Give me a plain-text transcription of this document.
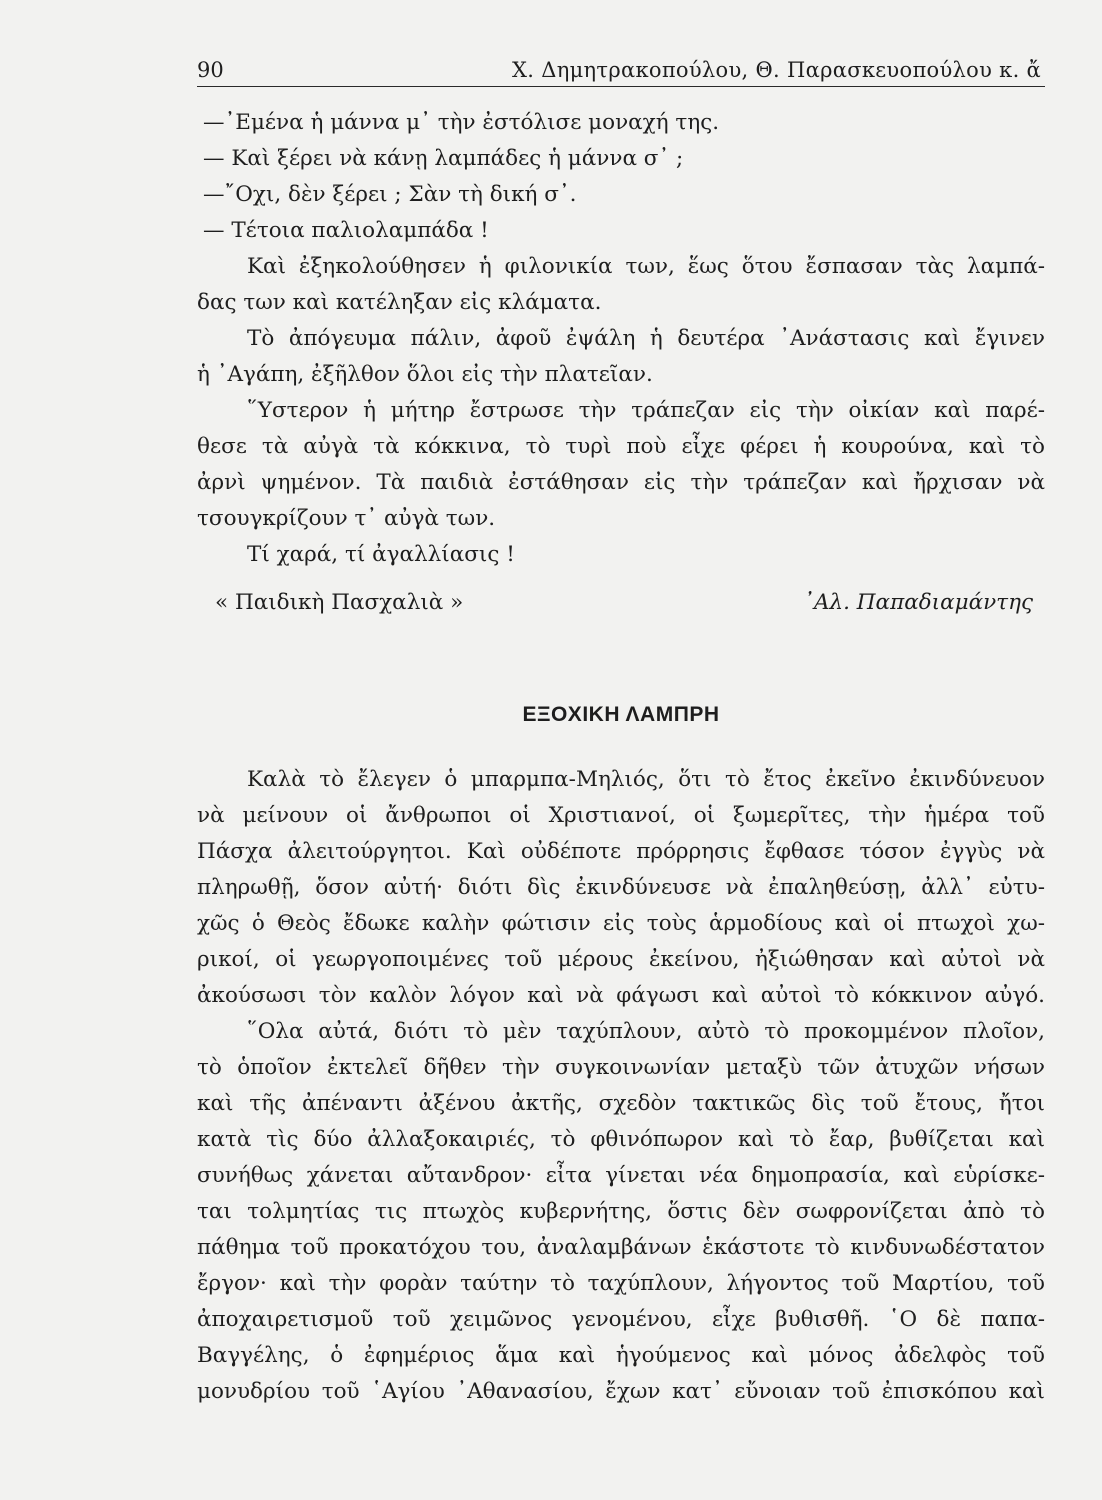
90	Χ. Δημητρακοπούλου, Θ. Παρασκευοπούλου κ. ἄ
—᾿Εμένα ἡ μάννα μ᾿ τὴν ἐστόλισε μοναχή της.
— Καὶ ξέρει νὰ κάνῃ λαμπάδες ἡ μάννα σ᾿ ;
—῎Οχι, δὲν ξέρει ; Σὰν τὴ δική σ᾿.
— Τέτοια παλιολαμπάδα !
Καὶ ἐξηκολούθησεν ἡ φιλονικία των, ἕως ὅτου ἔσπασαν τὰς λαμπά-
δας των καὶ κατέληξαν εἰς κλάματα.
Τὸ ἀπόγευμα πάλιν, ἀφοῦ ἐψάλη ἡ δευτέρα ᾿Ανάστασις καὶ ἔγινεν
ἡ ᾿Αγάπη, ἐξῆλθον ὅλοι εἰς τὴν πλατεῖαν.
῞Υστερον ἡ μήτηρ ἔστρωσε τὴν τράπεζαν εἰς τὴν οἰκίαν καὶ παρέ-
θεσε τὰ αὐγὰ τὰ κόκκινα, τὸ τυρὶ ποὺ εἶχε φέρει ἡ κουρούνα, καὶ τὸ
ἀρνὶ ψημένον. Τὰ παιδιὰ ἐστάθησαν εἰς τὴν τράπεζαν καὶ ἤρχισαν νὰ
τσουγκρίζουν τ᾿ αὐγὰ των.
Τί χαρά, τί ἀγαλλίασις !
« Παιδικὴ Πασχαλιὰ »	᾿Αλ. Παπαδιαμάντης
ΕΞΟΧΙΚΗ ΛΑΜΠΡΗ
Καλὰ τὸ ἔλεγεν ὁ μπαρμπα-Μηλιός, ὅτι τὸ ἔτος ἐκεῖνο ἐκινδύνευον
νὰ μείνουν οἱ ἄνθρωποι οἱ Χριστιανοί, οἱ ξωμερῖτες, τὴν ἡμέρα τοῦ
Πάσχα ἀλειτούργητοι. Καὶ οὐδέποτε πρόρρησις ἔφθασε τόσον ἐγγὺς νὰ
πληρωθῇ, ὅσον αὐτή· διότι δὶς ἐκινδύνευσε νὰ ἐπαληθεύσῃ, ἀλλ᾿ εὐτυ-
χῶς ὁ Θεὸς ἔδωκε καλὴν φώτισιν εἰς τοὺς ἁρμοδίους καὶ οἱ πτωχοὶ χω-
ρικοί, οἱ γεωργοποιμένες τοῦ μέρους ἐκείνου, ἠξιώθησαν καὶ αὐτοὶ νὰ
ἀκούσωσι τὸν καλὸν λόγον καὶ νὰ φάγωσι καὶ αὐτοὶ τὸ κόκκινον αὐγό.
῞Ολα αὐτά, διότι τὸ μὲν ταχύπλουν, αὐτὸ τὸ προκομμένον πλοῖον,
τὸ ὁποῖον ἐκτελεῖ δῆθεν τὴν συγκοινωνίαν μεταξὺ τῶν ἀτυχῶν νήσων
καὶ τῆς ἀπέναντι ἀξένου ἀκτῆς, σχεδὸν τακτικῶς δὶς τοῦ ἔτους, ἤτοι
κατὰ τὶς δύο ἀλλαξοκαιριές, τὸ φθινόπωρον καὶ τὸ ἔαρ, βυθίζεται καὶ
συνήθως χάνεται αὔτανδρον· εἶτα γίνεται νέα δημοπρασία, καὶ εὑρίσκε-
ται τολμητίας τις πτωχὸς κυβερνήτης, ὅστις δὲν σωφρονίζεται ἀπὸ τὸ
πάθημα τοῦ προκατόχου του, ἀναλαμβάνων ἑκάστοτε τὸ κινδυνωδέστατον
ἔργον· καὶ τὴν φορὰν ταύτην τὸ ταχύπλουν, λήγοντος τοῦ Μαρτίου, τοῦ
ἀποχαιρετισμοῦ τοῦ χειμῶνος γενομένου, εἶχε βυθισθῆ. ῾Ο δὲ παπα-
Βαγγέλης, ὁ ἐφημέριος ἅμα καὶ ἡγούμενος καὶ μόνος ἀδελφὸς τοῦ
μονυδρίου τοῦ ῾Αγίου ᾿Αθανασίου, ἔχων κατ᾿ εὔνοιαν τοῦ ἐπισκόπου καὶ
